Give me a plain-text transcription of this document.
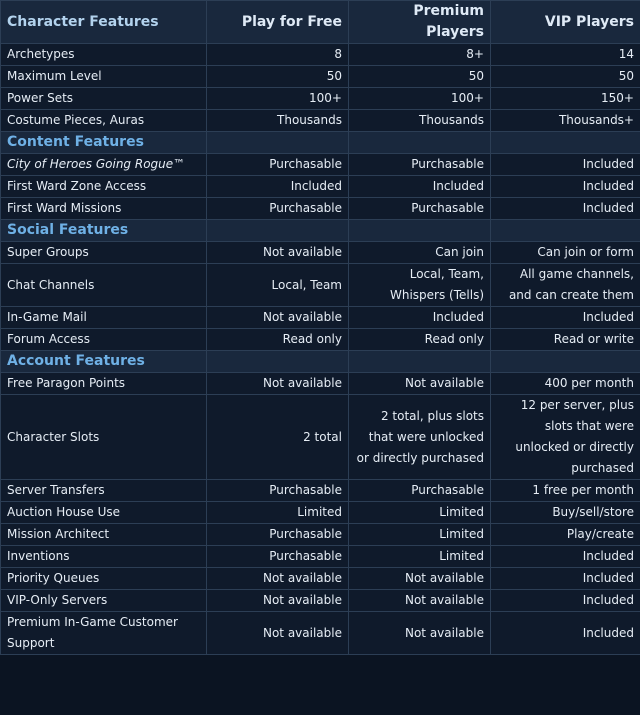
Character Features	Play for Free	Premium Players	VIP Players
Archetypes	8	8+	14
Maximum Level	50	50	50
Power Sets	100+	100+	150+
Costume Pieces, Auras	Thousands	Thousands	Thousands+
Content Features			
City of Heroes Going Rogue™	Purchasable	Purchasable	Included
First Ward Zone Access	Included	Included	Included
First Ward Missions	Purchasable	Purchasable	Included
Social Features			
Super Groups	Not available	Can join	Can join or form
Chat Channels	Local, Team	Local, Team, Whispers (Tells)	All game channels, and can create them
In-Game Mail	Not available	Included	Included
Forum Access	Read only	Read only	Read or write
Account Features			
Free Paragon Points	Not available	Not available	400 per month
Character Slots	2 total	2 total, plus slots that were unlocked or directly purchased	12 per server, plus slots that were unlocked or directly purchased
Server Transfers	Purchasable	Purchasable	1 free per month
Auction House Use	Limited	Limited	Buy/sell/store
Mission Architect	Purchasable	Limited	Play/create
Inventions	Purchasable	Limited	Included
Priority Queues	Not available	Not available	Included
VIP-Only Servers	Not available	Not available	Included
Premium In-Game Customer Support	Not available	Not available	Included
